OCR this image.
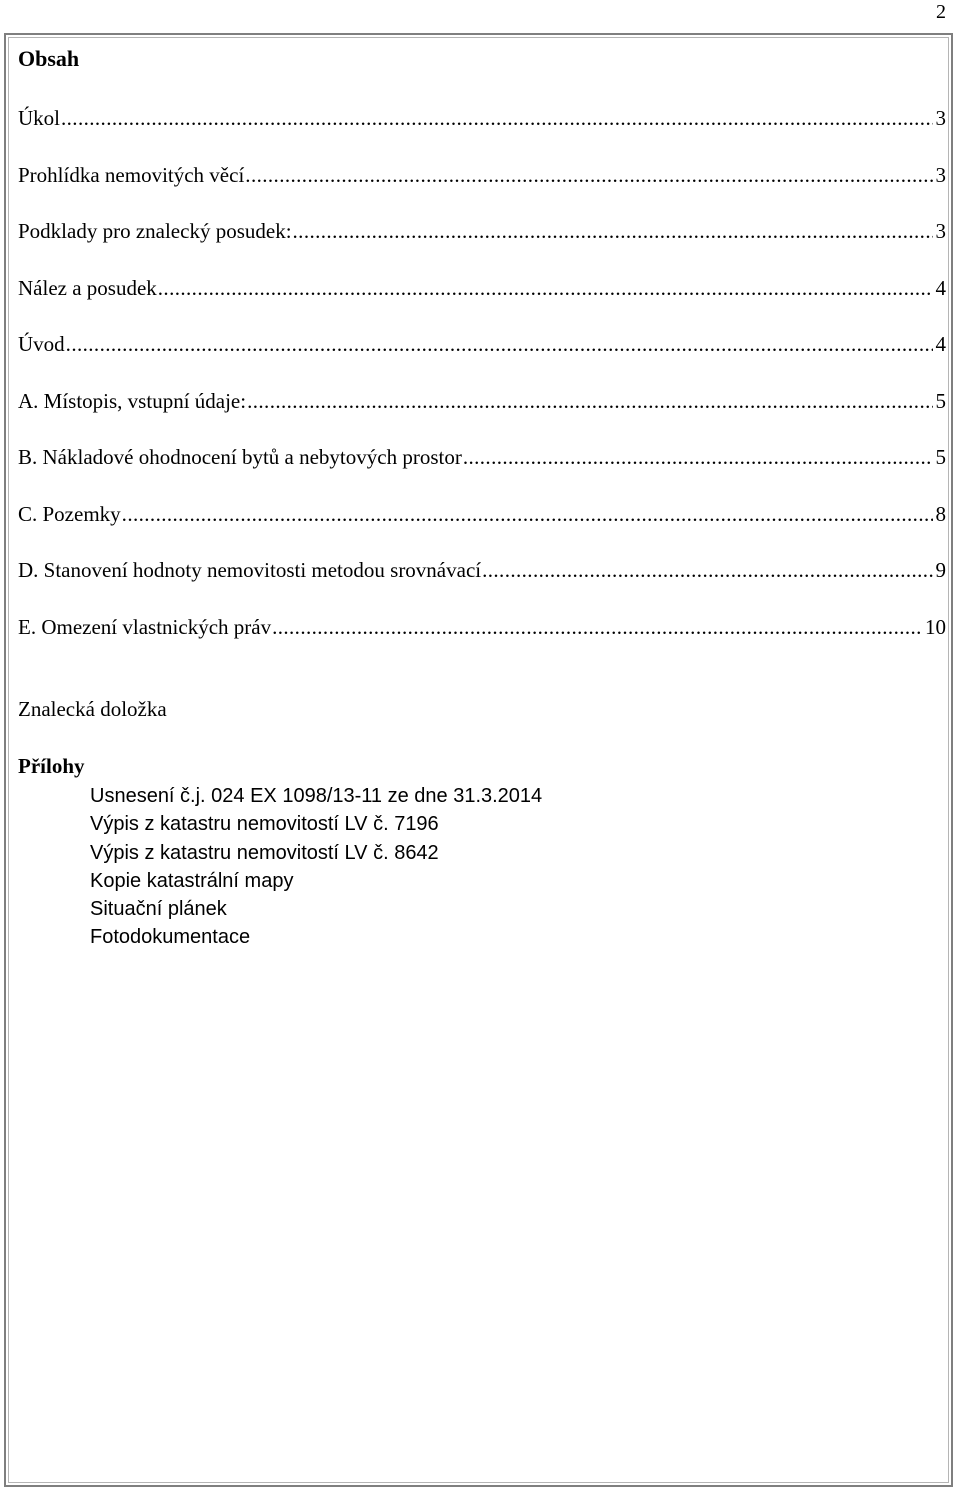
2
Obsah
Úkol .....	3
Prohlídka nemovitých věcí .....	3
Podklady pro znalecký posudek: .....	3
Nález a posudek .....	4
Úvod .....	4
A. Místopis, vstupní údaje: .....	5
B. Nákladové ohodnocení bytů a nebytových prostor .....	5
C. Pozemky .....	8
D. Stanovení hodnoty nemovitosti metodou srovnávací .....	9
E. Omezení vlastnických práv .....	10

Znalecká doložka

Přílohy
Usnesení č.j. 024 EX 1098/13-11 ze dne 31.3.2014
Výpis z katastru nemovitostí LV č. 7196
Výpis z katastru nemovitostí LV č. 8642
Kopie katastrální mapy
Situační plánek
Fotodokumentace
